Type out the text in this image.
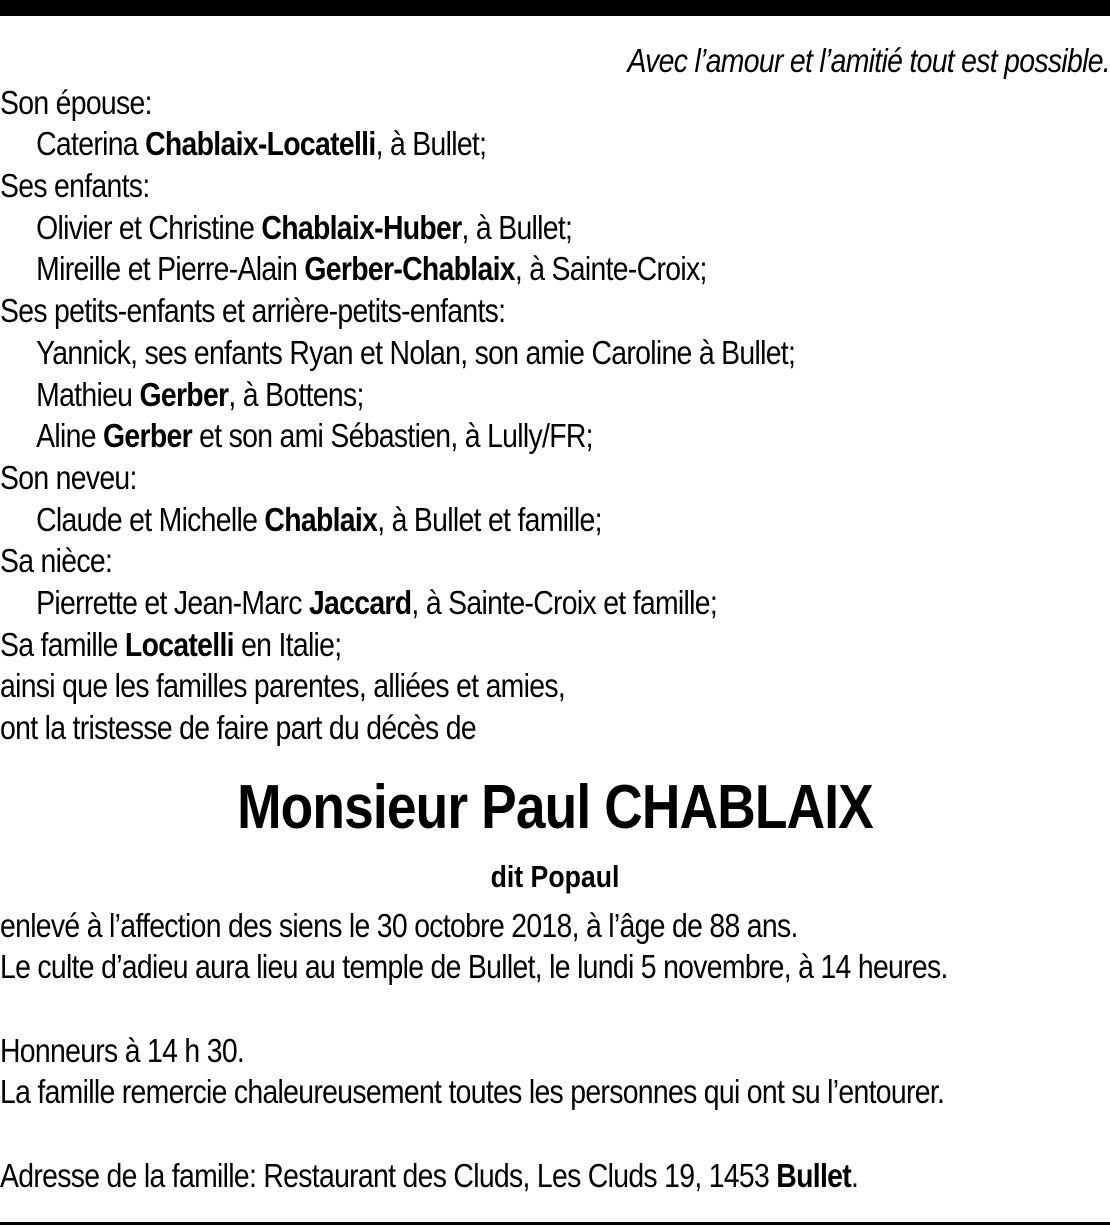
Avec l’amour et l’amitié tout est possible.
Son épouse:
Caterina Chablaix-Locatelli, à Bullet;
Ses enfants:
Olivier et Christine Chablaix-Huber, à Bullet;
Mireille et Pierre-Alain Gerber-Chablaix, à Sainte-Croix;
Ses petits-enfants et arrière-petits-enfants:
Yannick, ses enfants Ryan et Nolan, son amie Caroline à Bullet;
Mathieu Gerber, à Bottens;
Aline Gerber et son ami Sébastien, à Lully/FR;
Son neveu:
Claude et Michelle Chablaix, à Bullet et famille;
Sa nièce:
Pierrette et Jean-Marc Jaccard, à Sainte-Croix et famille;
Sa famille Locatelli en Italie;
ainsi que les familles parentes, alliées et amies,
ont la tristesse de faire part du décès de
Monsieur Paul CHABLAIX
dit Popaul
enlevé à l’affection des siens le 30 octobre 2018, à l’âge de 88 ans.
Le culte d’adieu aura lieu au temple de Bullet, le lundi 5 novembre, à 14 heures.
Honneurs à 14 h 30.
La famille remercie chaleureusement toutes les personnes qui ont su l’entourer.
Adresse de la famille: Restaurant des Cluds, Les Cluds 19, 1453 Bullet.
